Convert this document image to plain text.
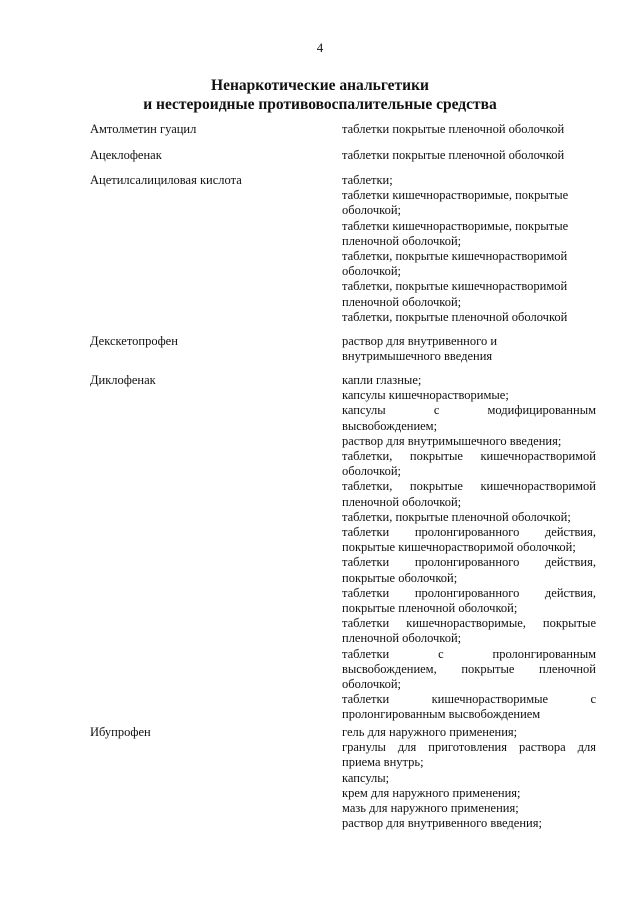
4
Ненаркотические анальгетики
и нестероидные противовоспалительные средства
Амтолметин гуацил	таблетки покрытые пленочной оболочкой
Ацеклофенак	таблетки покрытые пленочной оболочкой
Ацетилсалициловая кислота	таблетки;
таблетки кишечнорастворимые, покрытые
оболочкой;
таблетки кишечнорастворимые, покрытые
пленочной оболочкой;
таблетки, покрытые кишечнорастворимой
оболочкой;
таблетки, покрытые кишечнорастворимой
пленочной оболочкой;
таблетки, покрытые пленочной оболочкой
Декскетопрофен	раствор для внутривенного и
внутримышечного введения
Диклофенак	капли глазные;
капсулы кишечнорастворимые;
капсулы с модифицированным
высвобождением;
раствор для внутримышечного введения;
таблетки, покрытые кишечнорастворимой
оболочкой;
таблетки, покрытые кишечнорастворимой
пленочной оболочкой;
таблетки, покрытые пленочной оболочкой;
таблетки пролонгированного действия,
покрытые кишечнорастворимой оболочкой;
таблетки пролонгированного действия,
покрытые оболочкой;
таблетки пролонгированного действия,
покрытые пленочной оболочкой;
таблетки кишечнорастворимые, покрытые
пленочной оболочкой;
таблетки с пролонгированным
высвобождением, покрытые пленочной
оболочкой;
таблетки кишечнорастворимые с
пролонгированным высвобождением
Ибупрофен	гель для наружного применения;
гранулы для приготовления раствора для
приема внутрь;
капсулы;
крем для наружного применения;
мазь для наружного применения;
раствор для внутривенного введения;
